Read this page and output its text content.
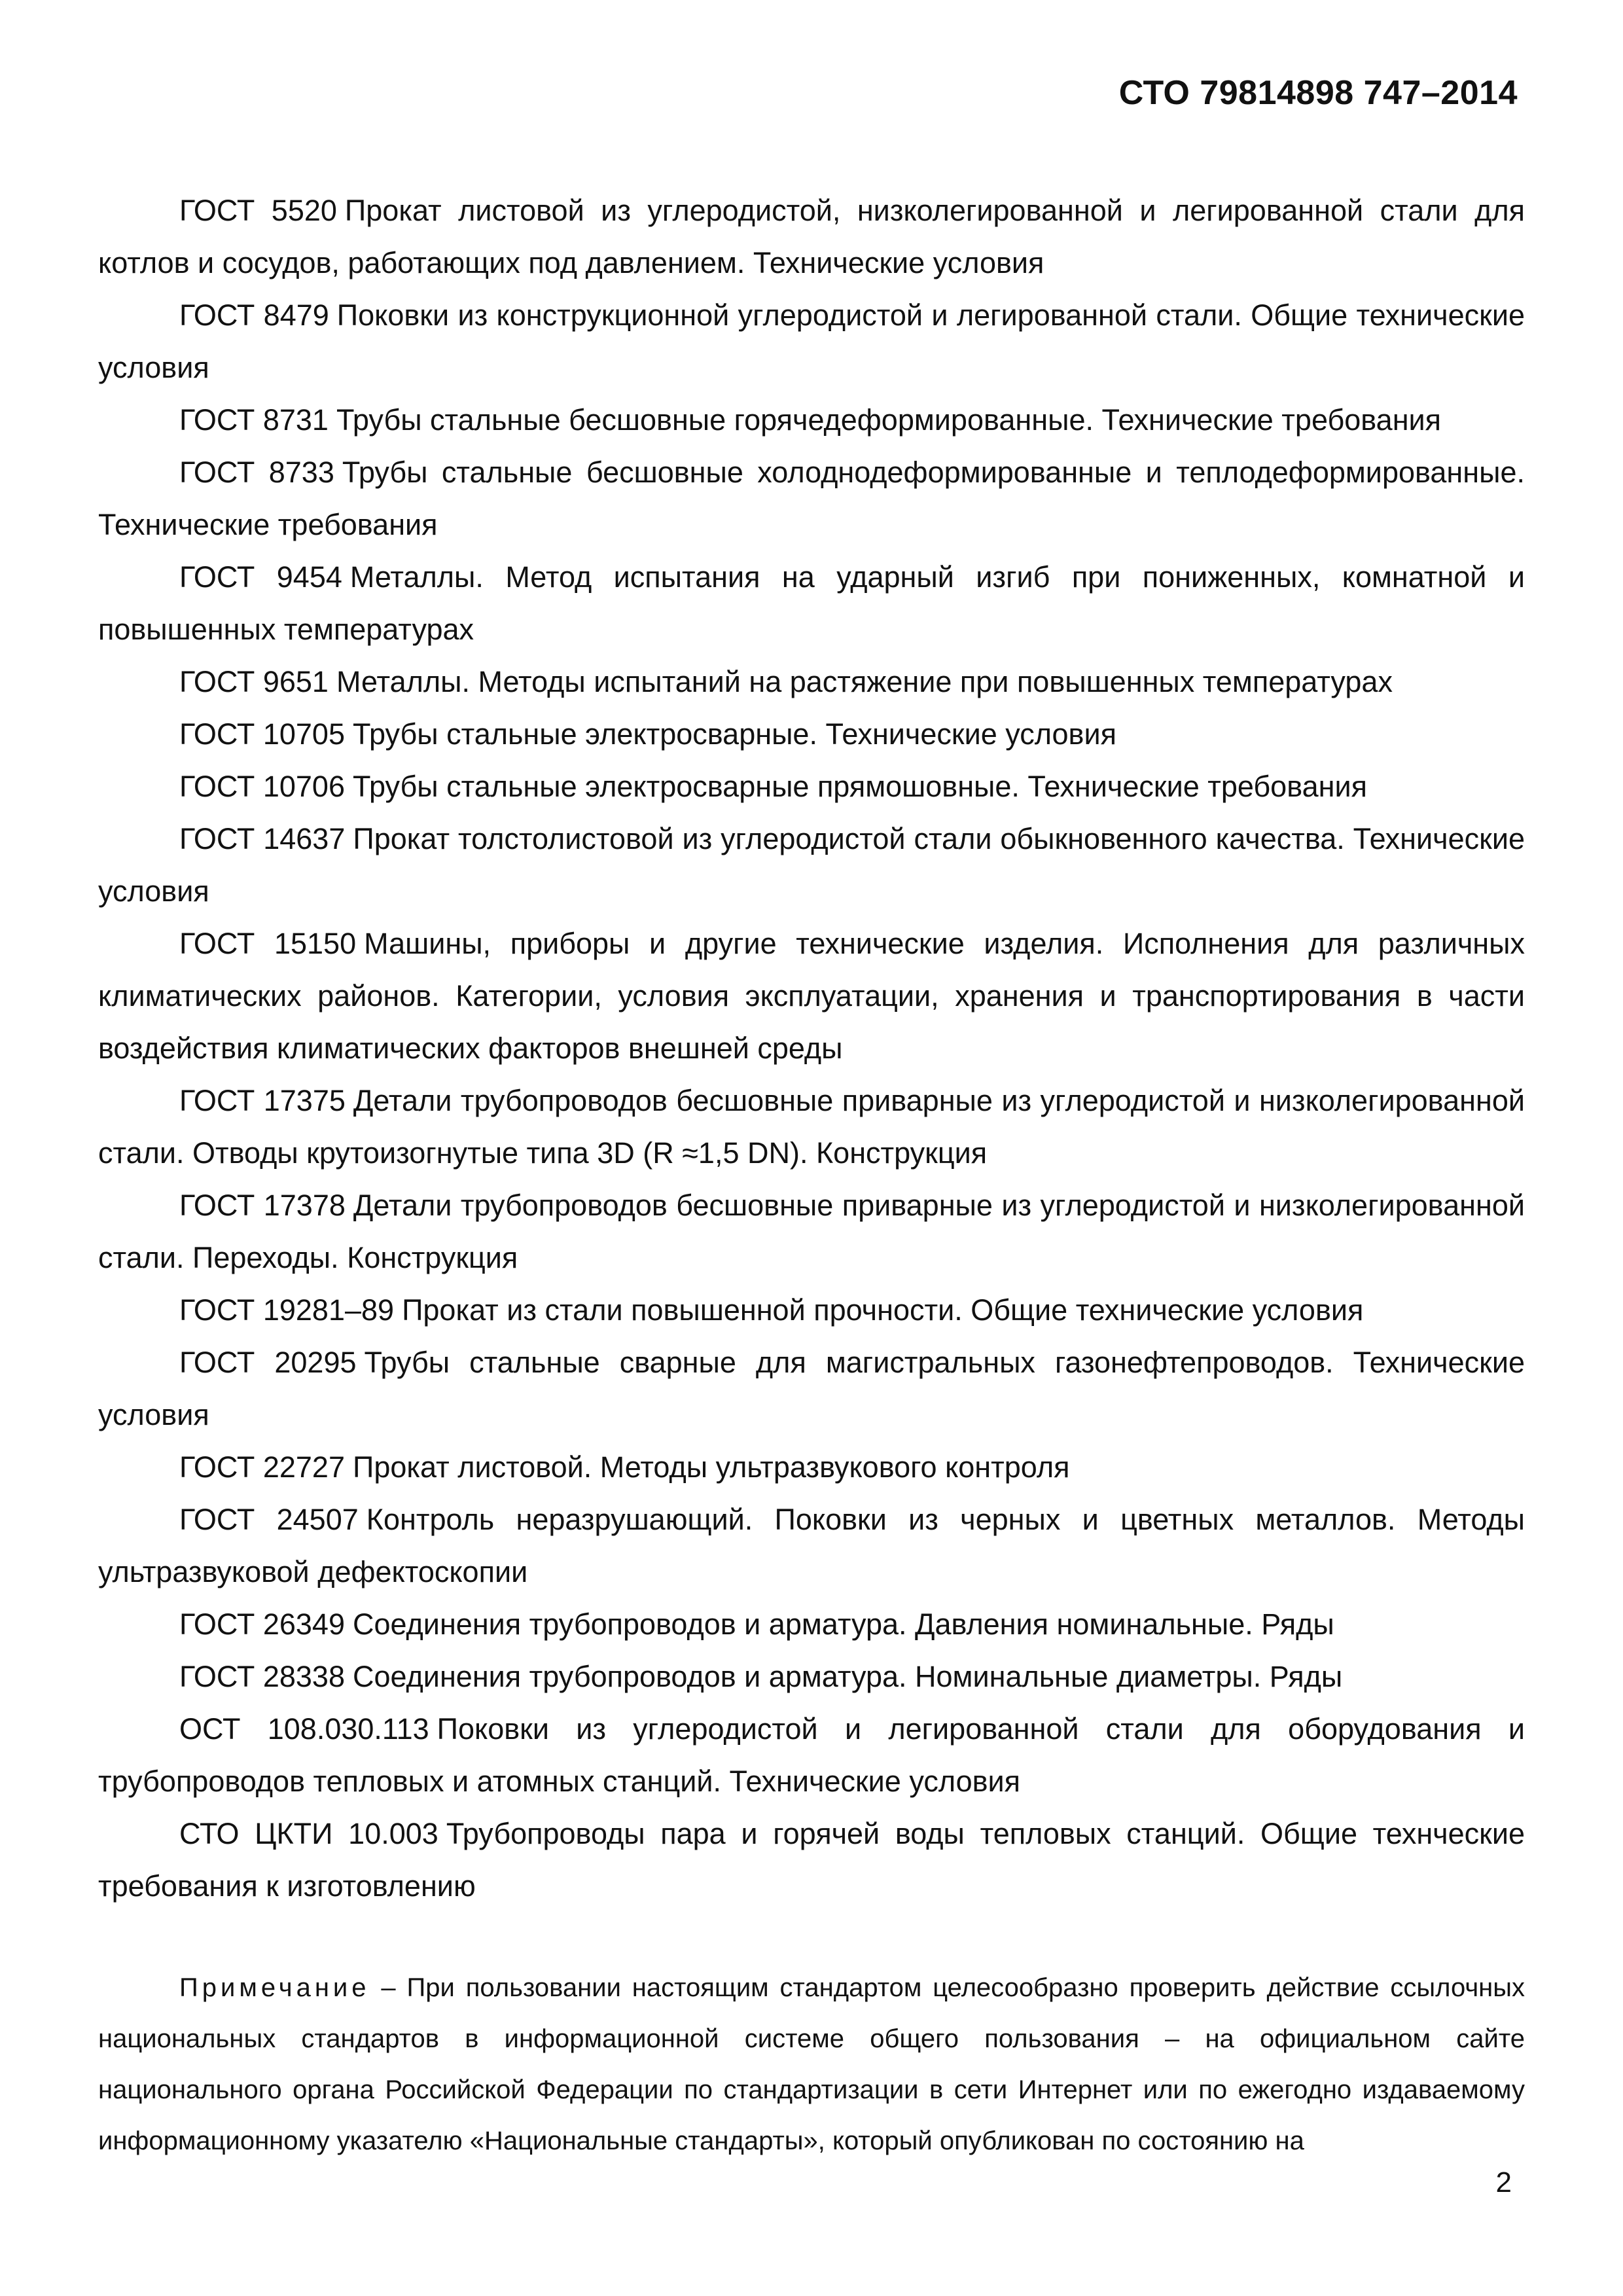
СТО 79814898 747–2014
ГОСТ 5520 Прокат листовой из углеродистой, низколегированной и легированной стали для котлов и сосудов, работающих под давлением. Технические условия
ГОСТ 8479 Поковки из конструкционной углеродистой и легированной стали. Общие технические условия
ГОСТ 8731 Трубы стальные бесшовные горячедеформированные. Технические требования
ГОСТ 8733 Трубы стальные бесшовные холоднодеформированные и теплодеформированные. Технические требования
ГОСТ 9454 Металлы. Метод испытания на ударный изгиб при пониженных, комнатной и повышенных температурах
ГОСТ 9651 Металлы. Методы испытаний на растяжение при повышенных температурах
ГОСТ 10705 Трубы стальные электросварные. Технические условия
ГОСТ 10706 Трубы стальные электросварные прямошовные. Технические требования
ГОСТ 14637 Прокат толстолистовой из углеродистой стали обыкновенного качества. Технические условия
ГОСТ 15150 Машины, приборы и другие технические изделия. Исполнения для различных климатических районов. Категории, условия эксплуатации, хранения и транспортирования в части воздействия климатических факторов внешней среды
ГОСТ 17375 Детали трубопроводов бесшовные приварные из углеродистой и низколегированной стали. Отводы крутоизогнутые типа 3D (R ≈1,5 DN). Конструкция
ГОСТ 17378 Детали трубопроводов бесшовные приварные из углеродистой и низколегированной стали. Переходы. Конструкция
ГОСТ 19281–89 Прокат из стали повышенной прочности. Общие технические условия
ГОСТ 20295 Трубы стальные сварные для магистральных газонефтепроводов. Технические условия
ГОСТ 22727 Прокат листовой. Методы ультразвукового контроля
ГОСТ 24507 Контроль неразрушающий. Поковки из черных и цветных металлов. Методы ультразвуковой дефектоскопии
ГОСТ 26349 Соединения трубопроводов и арматура. Давления номинальные. Ряды
ГОСТ 28338 Соединения трубопроводов и арматура. Номинальные диаметры. Ряды
ОСТ 108.030.113 Поковки из углеродистой и легированной стали для оборудования и трубопроводов тепловых и атомных станций. Технические условия
СТО ЦКТИ 10.003 Трубопроводы пара и горячей воды тепловых станций. Общие технческие требования к изготовлению

Примечание – При пользовании настоящим стандартом целесообразно проверить действие ссылочных национальных стандартов в информационной системе общего пользования – на официальном сайте национального органа Российской Федерации по стандартизации в сети Интернет или по ежегодно издаваемому информационному указателю «Национальные стандарты», который опубликован по состоянию на

2
